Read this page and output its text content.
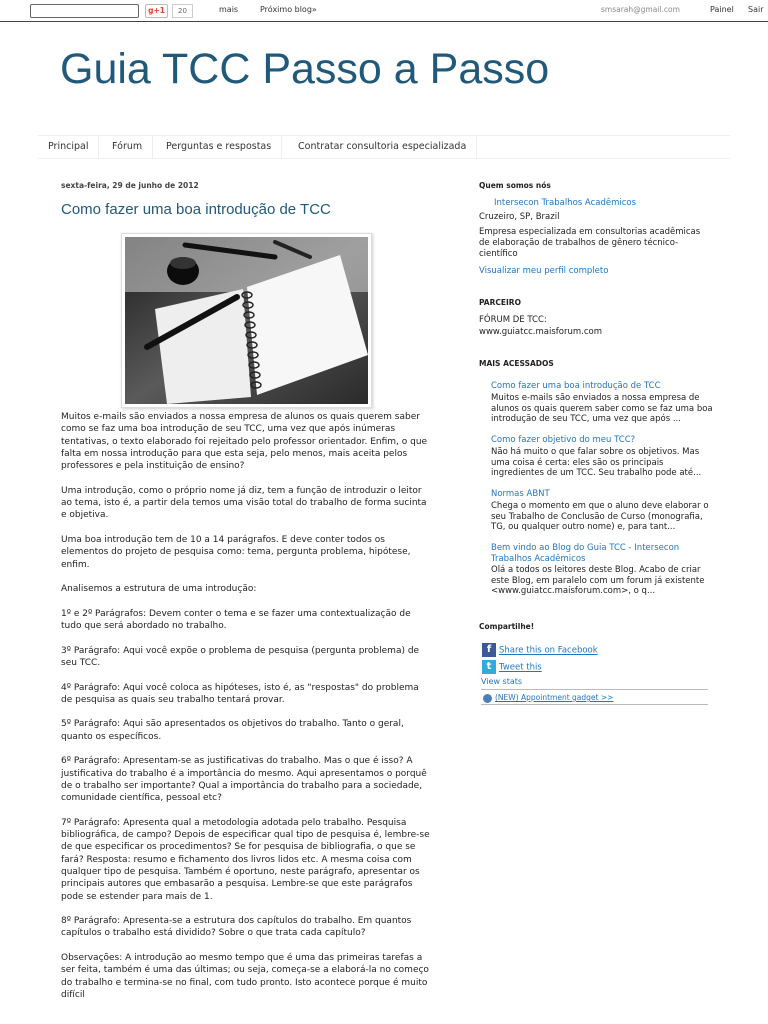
g+1	20	mais	Próximo blog»	smsarah@gmail.com	Painel Sair
Guia TCC Passo a Passo
Principal	Fórum	Perguntas e respostas	Contratar consultoria especializada
sexta-feira, 29 de junho de 2012
Como fazer uma boa introdução de TCC

Muitos e-mails são enviados a nossa empresa de alunos os quais querem saber como se faz uma boa introdução de seu TCC, uma vez que após inúmeras tentativas, o texto elaborado foi rejeitado pelo professor orientador. Enfim, o que falta em nossa introdução para que esta seja, pelo menos, mais aceita pelos professores e pela instituição de ensino?

Uma introdução, como o próprio nome já diz, tem a função de introduzir o leitor ao tema, isto é, a partir dela temos uma visão total do trabalho de forma sucinta e objetiva.

Uma boa introdução tem de 10 a 14 parágrafos. E deve conter todos os elementos do projeto de pesquisa como: tema, pergunta problema, hipótese, enfim.

Analisemos a estrutura de uma introdução:

1º e 2º Parágrafos: Devem conter o tema e se fazer uma contextualização de tudo que será abordado no trabalho.

3º Parágrafo: Aqui você expõe o problema de pesquisa (pergunta problema) de seu TCC.

4º Parágrafo: Aqui você coloca as hipóteses, isto é, as "respostas" do problema de pesquisa as quais seu trabalho tentará provar.

5º Parágrafo: Aqui são apresentados os objetivos do trabalho. Tanto o geral, quanto os específicos.

6º Parágrafo: Apresentam-se as justificativas do trabalho. Mas o que é isso? A justificativa do trabalho é a importância do mesmo. Aqui apresentamos o porquê de o trabalho ser importante? Qual a importância do trabalho para a sociedade, comunidade científica, pessoal etc?

7º Parágrafo: Apresenta qual a metodologia adotada pelo trabalho. Pesquisa bibliográfica, de campo? Depois de especificar qual tipo de pesquisa é, lembre-se de que especificar os procedimentos? Se for pesquisa de bibliografia, o que se fará? Resposta: resumo e fichamento dos livros lidos etc. A mesma coisa com qualquer tipo de pesquisa. Também é oportuno, neste parágrafo, apresentar os principais autores que embasarão a pesquisa. Lembre-se que este parágrafos pode se estender para mais de 1.

8º Parágrafo: Apresenta-se a estrutura dos capítulos do trabalho. Em quantos capítulos o trabalho está dividido? Sobre o que trata cada capítulo?

Observações: A introdução ao mesmo tempo que é uma das primeiras tarefas a ser feita, também é uma das últimas; ou seja, começa-se a elaborá-la no começo do trabalho e termina-se no final, com tudo pronto. Isto acontece porque é muito difícil

Quem somos nós
Intersecon Trabalhos Acadêmicos
Cruzeiro, SP, Brazil
Empresa especializada em consultorias acadêmicas de elaboração de trabalhos de gênero técnico-científico
Visualizar meu perfil completo
PARCEIRO
FÓRUM DE TCC:
www.guiatcc.maisforum.com
MAIS ACESSADOS
Como fazer uma boa introdução de TCC
Muitos e-mails são enviados a nossa empresa de alunos os quais querem saber como se faz uma boa introdução de seu TCC, uma vez que após ...
Como fazer objetivo do meu TCC?
Não há muito o que falar sobre os objetivos. Mas uma coisa é certa: eles são os principais ingredientes de um TCC. Seu trabalho pode até...
Normas ABNT
Chega o momento em que o aluno deve elaborar o seu Trabalho de Conclusão de Curso (monografia, TG, ou qualquer outro nome) e, para tant...
Bem vindo ao Blog do Guia TCC - Intersecon Trabalhos Acadêmicos
Olá a todos os leitores deste Blog. Acabo de criar este Blog, em paralelo com um forum já existente <www.guiatcc.maisforum.com>, o q...
Compartilhe!
f Share this on Facebook
t Tweet this
View stats
(NEW) Appointment gadget >>
